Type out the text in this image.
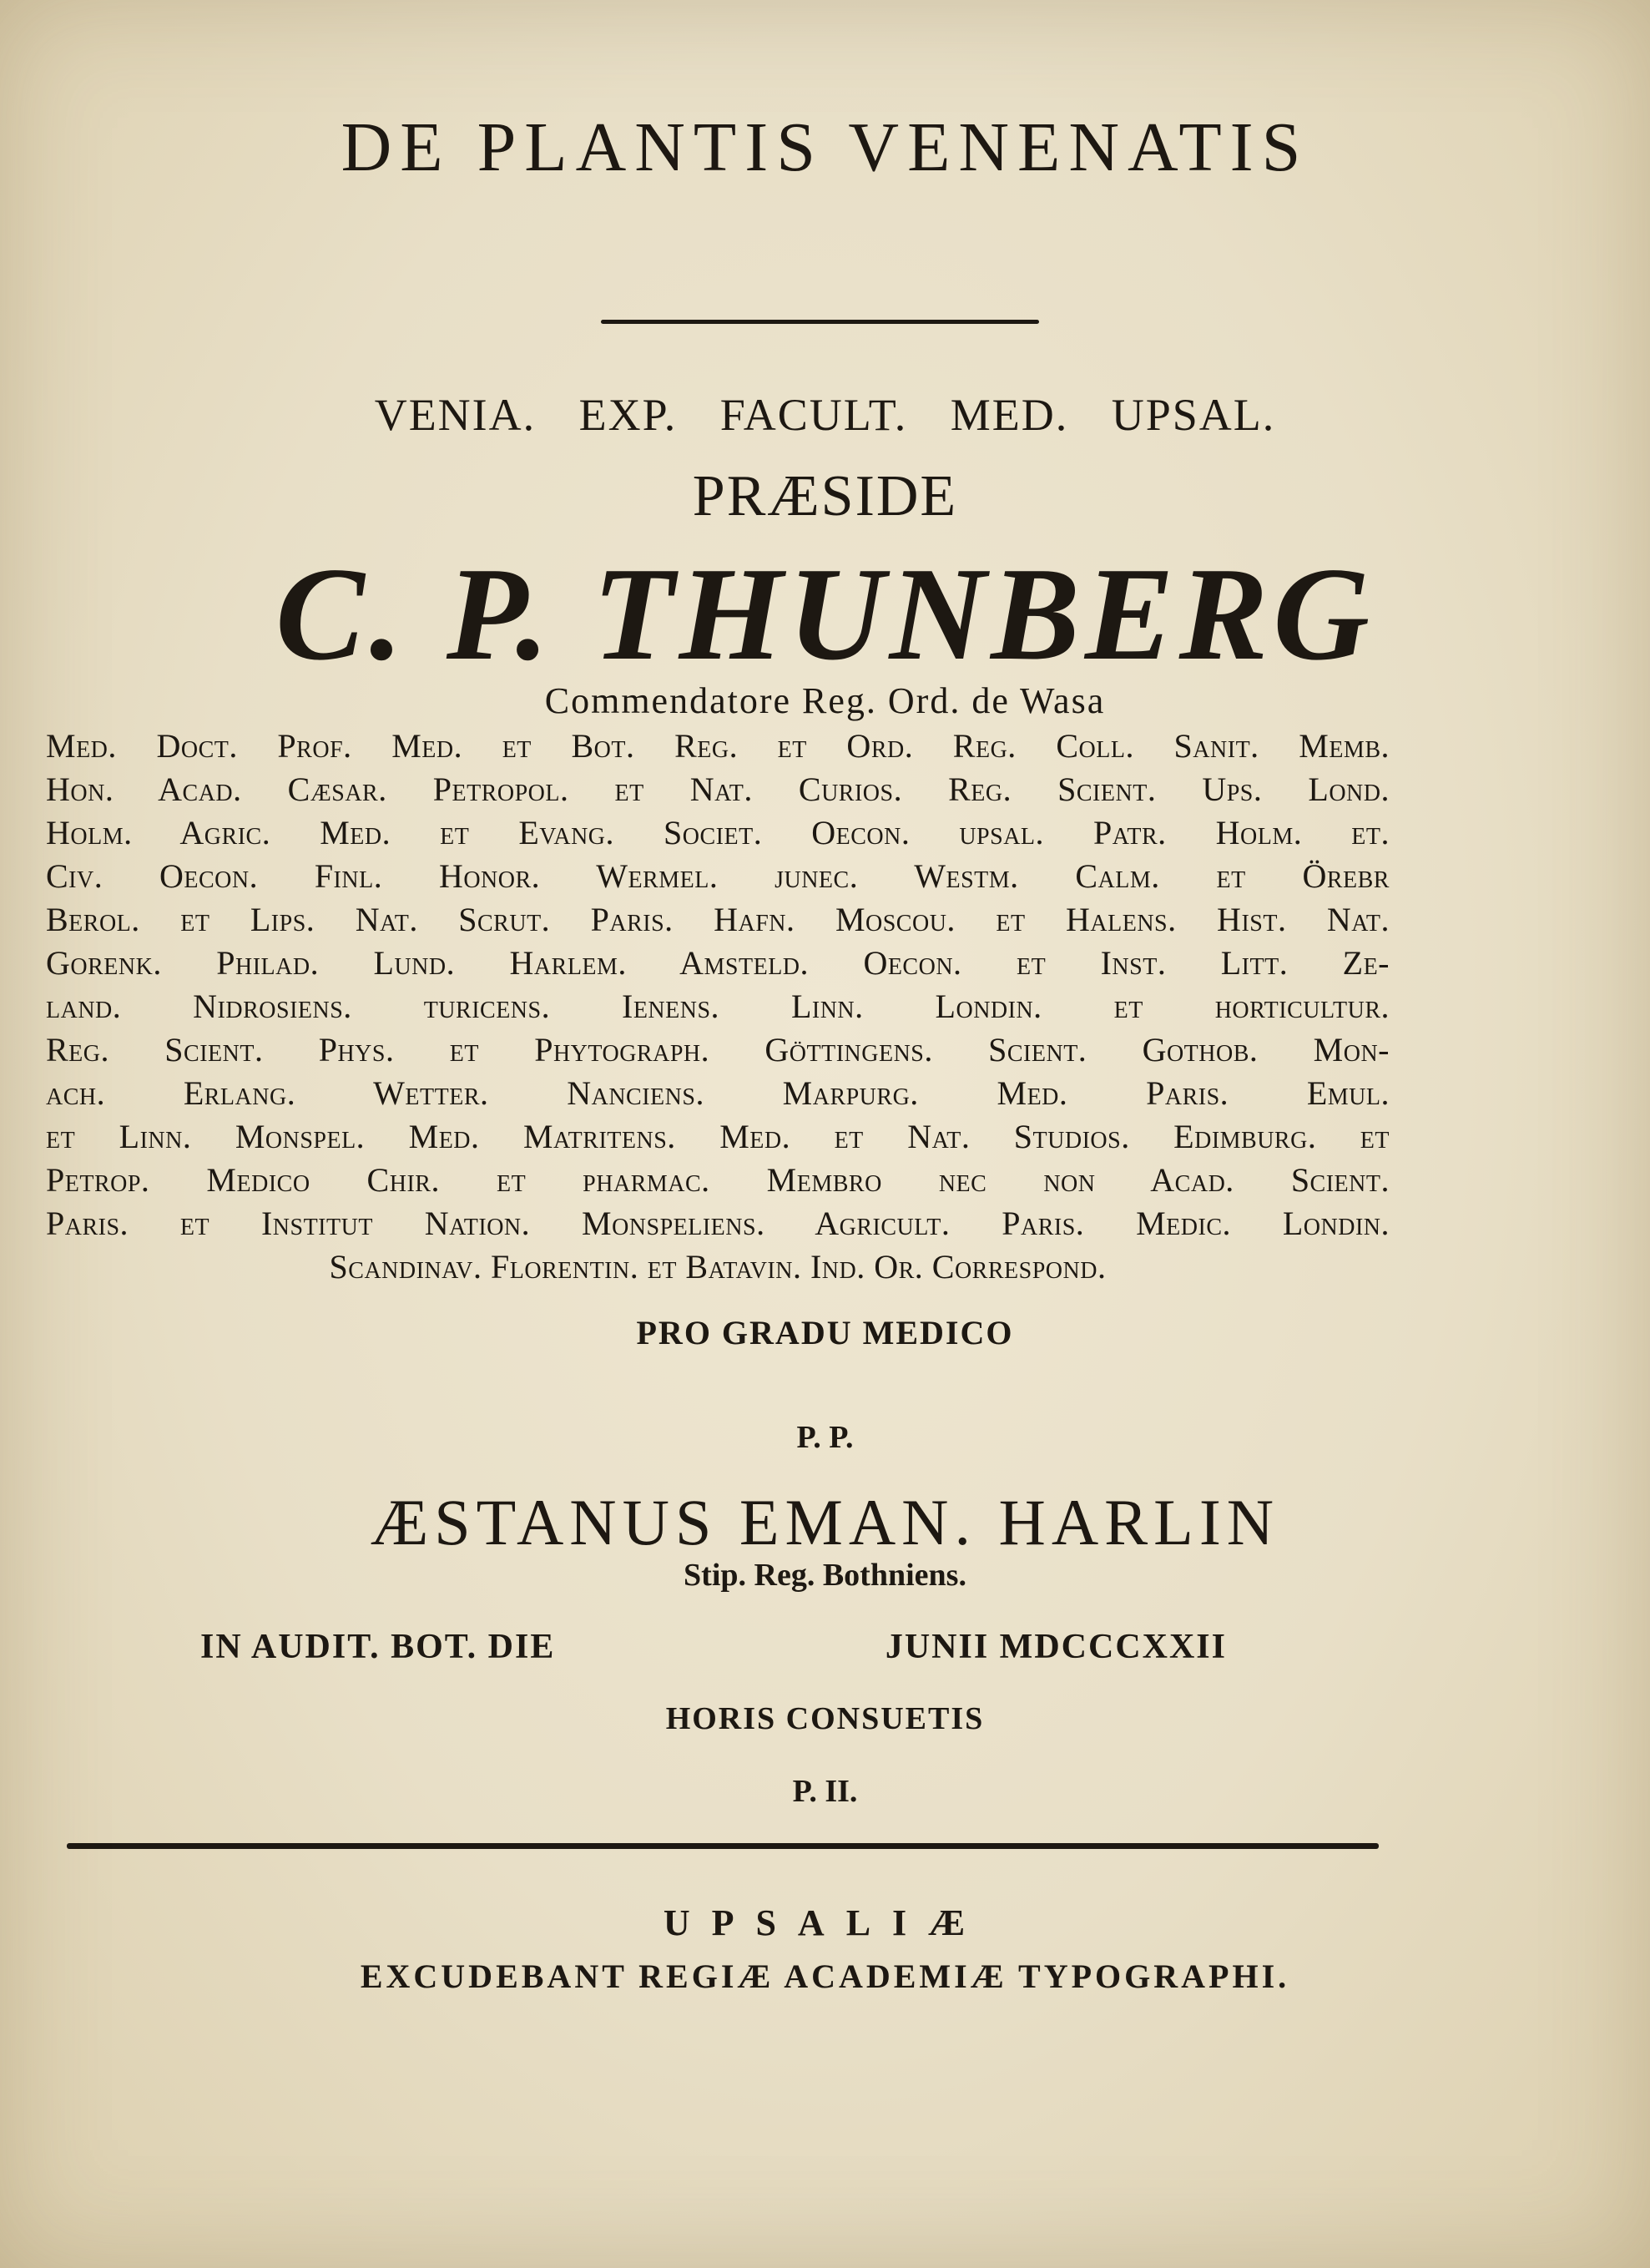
DE PLANTIS VENENATIS
VENIA. EXP. FACULT. MED. UPSAL.
PRÆSIDE
C. P. THUNBERG
Commendatore Reg. Ord. de Wasa
Med. Doct. Prof. Med. et Bot. Reg. et Ord. Reg. Coll. Sanit. Memb.
Hon. Acad. Cæsar. Petropol. et Nat. Curios. Reg. Scient. Ups. Lond.
Holm. Agric. Med. et Evang. Societ. Oecon. upsal. Patr. Holm. et.
Civ. Oecon. Finl. Honor. Wermel. junec. Westm. Calm. et Örebr
Berol. et Lips. Nat. Scrut. Paris. Hafn. Moscou. et Halens. Hist. Nat.
Gorenk. Philad. Lund. Harlem. Amsteld. Oecon. et Inst. Litt. Ze-
land. Nidrosiens. turicens. Ienens. Linn. Londin. et horticultur.
Reg. Scient. Phys. et Phytograph. Göttingens. Scient. Gothob. Mon-
ach. Erlang. Wetter. Nanciens. Marpurg. Med. Paris. Emul.
et Linn. Monspel. Med. Matritens. Med. et Nat. Studios. Edimburg. et
Petrop. Medico Chir. et pharmac. Membro nec non Acad. Scient.
Paris. et Institut Nation. Monspeliens. Agricult. Paris. Medic. Londin.
Scandinav. Florentin. et Batavin. Ind. Or. Correspond.
PRO GRADU MEDICO
P. P.
ÆSTANUS EMAN. HARLIN
Stip. Reg. Bothniens.
IN AUDIT. BOT. DIE	JUNII MDCCCXXII
HORIS CONSUETIS
P. II.
UPSALIÆ
EXCUDEBANT REGIÆ ACADEMIÆ TYPOGRAPHI.
